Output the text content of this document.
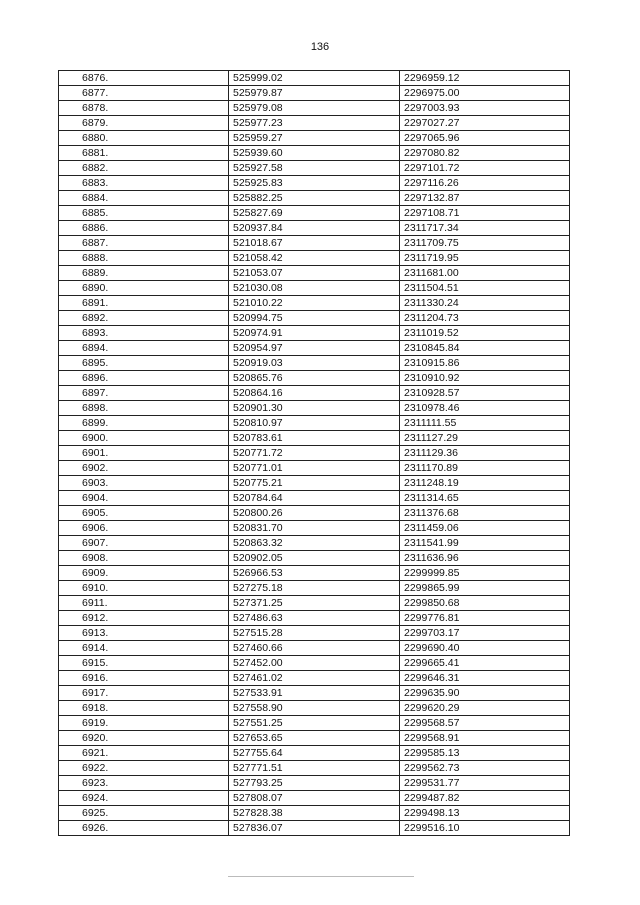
136
6876.	525999.02	2296959.12
6877.	525979.87	2296975.00
6878.	525979.08	2297003.93
6879.	525977.23	2297027.27
6880.	525959.27	2297065.96
6881.	525939.60	2297080.82
6882.	525927.58	2297101.72
6883.	525925.83	2297116.26
6884.	525882.25	2297132.87
6885.	525827.69	2297108.71
6886.	520937.84	2311717.34
6887.	521018.67	2311709.75
6888.	521058.42	2311719.95
6889.	521053.07	2311681.00
6890.	521030.08	2311504.51
6891.	521010.22	2311330.24
6892.	520994.75	2311204.73
6893.	520974.91	2311019.52
6894.	520954.97	2310845.84
6895.	520919.03	2310915.86
6896.	520865.76	2310910.92
6897.	520864.16	2310928.57
6898.	520901.30	2310978.46
6899.	520810.97	2311111.55
6900.	520783.61	2311127.29
6901.	520771.72	2311129.36
6902.	520771.01	2311170.89
6903.	520775.21	2311248.19
6904.	520784.64	2311314.65
6905.	520800.26	2311376.68
6906.	520831.70	2311459.06
6907.	520863.32	2311541.99
6908.	520902.05	2311636.96
6909.	526966.53	2299999.85
6910.	527275.18	2299865.99
6911.	527371.25	2299850.68
6912.	527486.63	2299776.81
6913.	527515.28	2299703.17
6914.	527460.66	2299690.40
6915.	527452.00	2299665.41
6916.	527461.02	2299646.31
6917.	527533.91	2299635.90
6918.	527558.90	2299620.29
6919.	527551.25	2299568.57
6920.	527653.65	2299568.91
6921.	527755.64	2299585.13
6922.	527771.51	2299562.73
6923.	527793.25	2299531.77
6924.	527808.07	2299487.82
6925.	527828.38	2299498.13
6926.	527836.07	2299516.10
